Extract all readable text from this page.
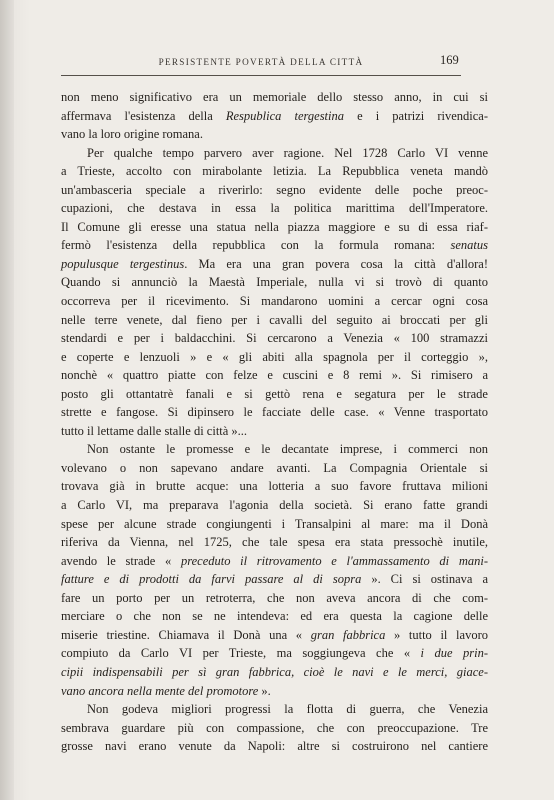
PERSISTENTE POVERTÀ DELLA CITTÀ	169
non meno significativo era un memoriale dello stesso anno, in cui si
affermava l'esistenza della Respublica tergestina e i patrizi rivendica-
vano la loro origine romana.
Per qualche tempo parvero aver ragione. Nel 1728 Carlo VI venne
a Trieste, accolto con mirabolante letizia. La Repubblica veneta mandò
un'ambasceria speciale a riverirlo: segno evidente delle poche preoc-
cupazioni, che destava in essa la politica marittima dell'Imperatore.
Il Comune gli eresse una statua nella piazza maggiore e su di essa riaf-
fermò l'esistenza della repubblica con la formula romana: senatus
populusque tergestinus. Ma era una gran povera cosa la città d'allora!
Quando si annunciò la Maestà Imperiale, nulla vi si trovò di quanto
occorreva per il ricevimento. Si mandarono uomini a cercar ogni cosa
nelle terre venete, dal fieno per i cavalli del seguito ai broccati per gli
stendardi e per i baldacchini. Si cercarono a Venezia « 100 stramazzi
e coperte e lenzuoli » e « gli abiti alla spagnola per il corteggio »,
nonchè « quattro piatte con felze e cuscini e 8 remi ». Si rimisero a
posto gli ottantatrè fanali e si gettò rena e segatura per le strade
strette e fangose. Si dipinsero le facciate delle case. « Venne trasportato
tutto il lettame dalle stalle di città »...
Non ostante le promesse e le decantate imprese, i commerci non
volevano o non sapevano andare avanti. La Compagnia Orientale si
trovava già in brutte acque: una lotteria a suo favore fruttava milioni
a Carlo VI, ma preparava l'agonia della società. Si erano fatte grandi
spese per alcune strade congiungenti i Transalpini al mare: ma il Donà
riferiva da Vienna, nel 1725, che tale spesa era stata pressochè inutile,
avendo le strade « preceduto il ritrovamento e l'ammassamento di mani-
fatture e di prodotti da farvi passare al di sopra ». Ci si ostinava a
fare un porto per un retroterra, che non aveva ancora di che com-
merciare o che non se ne intendeva: ed era questa la cagione delle
miserie triestine. Chiamava il Donà una « gran fabbrica » tutto il lavoro
compiuto da Carlo VI per Trieste, ma soggiungeva che « i due prin-
cipii indispensabili per sì gran fabbrica, cioè le navi e le merci, giace-
vano ancora nella mente del promotore ».
Non godeva migliori progressi la flotta di guerra, che Venezia
sembrava guardare più con compassione, che con preoccupazione. Tre
grosse navi erano venute da Napoli: altre si costruirono nel cantiere
